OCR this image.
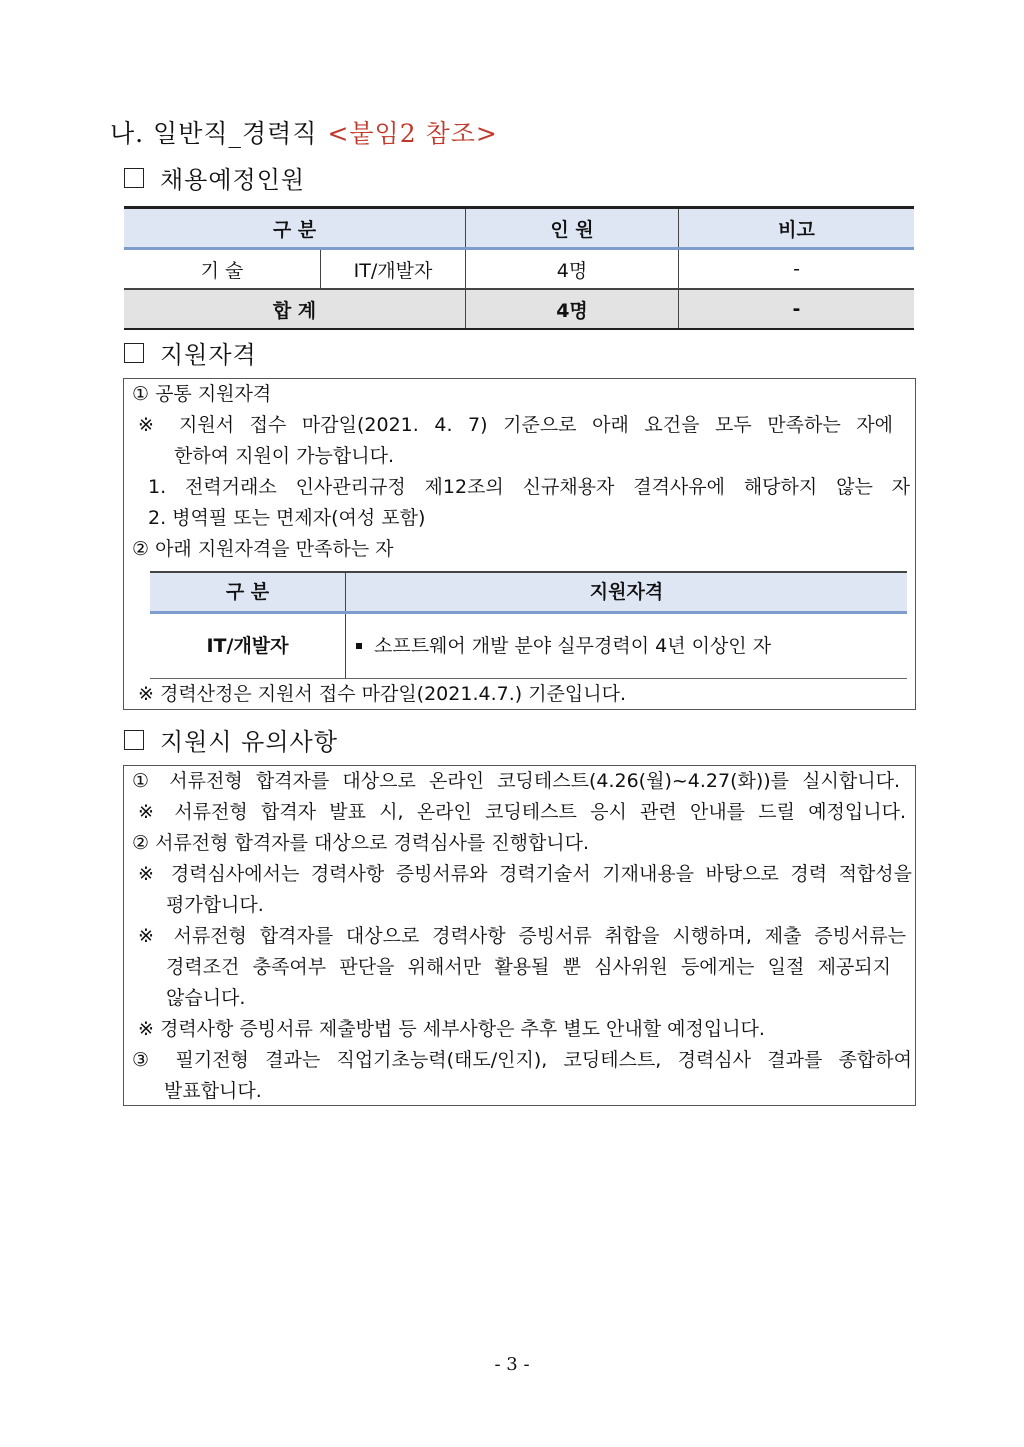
나. 일반직_경력직 <붙임2 참조>
채용예정인원
구 분		인 원	비고
기 술	IT/개발자	4명	-
합 계		4명	-
지원자격
① 공통 지원자격
※ 지원서 접수 마감일(2021. 4. 7) 기준으로 아래 요건을 모두 만족하는 자에
한하여 지원이 가능합니다.
1. 전력거래소 인사관리규정 제12조의 신규채용자 결격사유에 해당하지 않는 자
2. 병역필 또는 면제자(여성 포함)
② 아래 지원자격을 만족하는 자
구 분	지원자격
IT/개발자	소프트웨어 개발 분야 실무경력이 4년 이상인 자
※ 경력산정은 지원서 접수 마감일(2021.4.7.) 기준입니다.
지원시 유의사항
① 서류전형 합격자를 대상으로 온라인 코딩테스트(4.26(월)~4.27(화))를 실시합니다.
※ 서류전형 합격자 발표 시, 온라인 코딩테스트 응시 관련 안내를 드릴 예정입니다.
② 서류전형 합격자를 대상으로 경력심사를 진행합니다.
※ 경력심사에서는 경력사항 증빙서류와 경력기술서 기재내용을 바탕으로 경력 적합성을
평가합니다.
※ 서류전형 합격자를 대상으로 경력사항 증빙서류 취합을 시행하며, 제출 증빙서류는
경력조건 충족여부 판단을 위해서만 활용될 뿐 심사위원 등에게는 일절 제공되지
않습니다.
※ 경력사항 증빙서류 제출방법 등 세부사항은 추후 별도 안내할 예정입니다.
③ 필기전형 결과는 직업기초능력(태도/인지), 코딩테스트, 경력심사 결과를 종합하여
발표합니다.
- 3 -
